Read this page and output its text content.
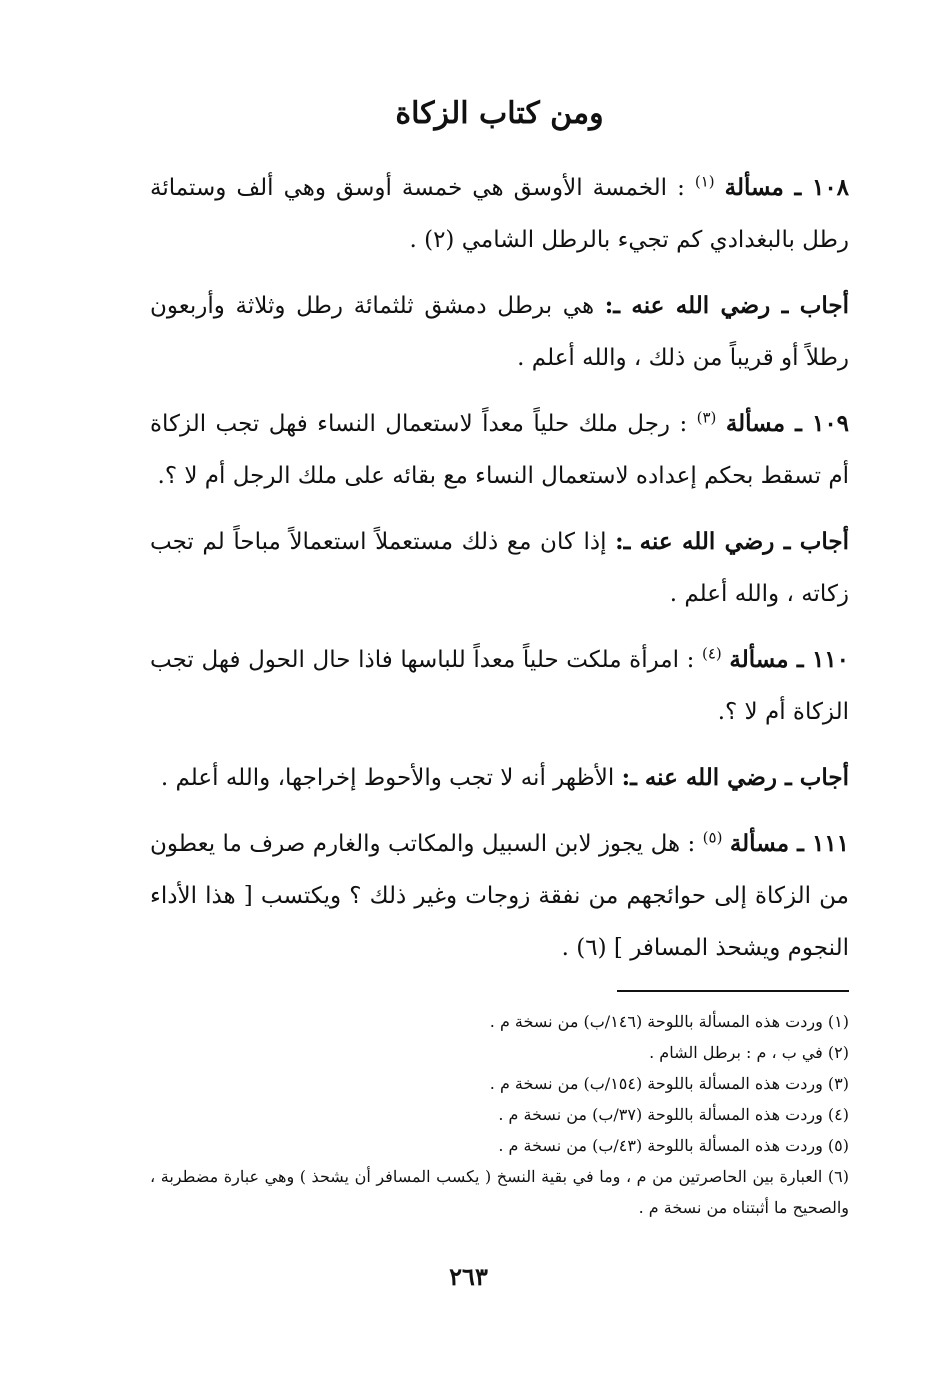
ومن كتاب الزكاة

١٠٨ ـ مسألة $^{(١)}$ : الخمسة الأوسق هي خمسة أوسق وهي ألف وستمائة رطل بالبغدادي كم تجيء بالرطل الشامي (٢) .

أجاب ـ رضي الله عنه ـ: هي برطل دمشق ثلثمائة رطل وثلاثة وأربعون رطلاً أو قريباً من ذلك ، والله أعلم .

١٠٩ ـ مسألة $^{(٣)}$ : رجل ملك حلياً معداً لاستعمال النساء فهل تجب الزكاة أم تسقط بحكم إعداده لاستعمال النساء مع بقائه على ملك الرجل أم لا ؟.

أجاب ـ رضي الله عنه ـ: إذا كان مع ذلك مستعملاً استعمالاً مباحاً لم تجب زكاته ، والله أعلم .

١١٠ ـ مسألة $^{(٤)}$ : امرأة ملكت حلياً معداً للباسها فاذا حال الحول فهل تجب الزكاة أم لا ؟.

أجاب ـ رضي الله عنه ـ: الأظهر أنه لا تجب والأحوط إخراجها، والله أعلم .

١١١ ـ مسألة $^{(٥)}$ : هل يجوز لابن السبيل والمكاتب والغارم صرف ما يعطون من الزكاة إلى حوائجهم من نفقة زوجات وغير ذلك ؟ ويكتسب [ هذا الأداء النجوم ويشحذ المسافر ] (٦) .

(١) وردت هذه المسألة باللوحة (١٤٦/ب) من نسخة م .

(٢) في ب ، م : برطل الشام .

(٣) وردت هذه المسألة باللوحة (١٥٤/ب) من نسخة م .

(٤) وردت هذه المسألة باللوحة (٣٧/ب) من نسخة م .

(٥) وردت هذه المسألة باللوحة (٤٣/ب) من نسخة م .

(٦) العبارة بين الحاصرتين من م ، وما في بقية النسخ ( يكسب المسافر أن يشحذ ) وهي عبارة مضطربة ، والصحيح ما أثبتناه من نسخة م .

٢٦٣
